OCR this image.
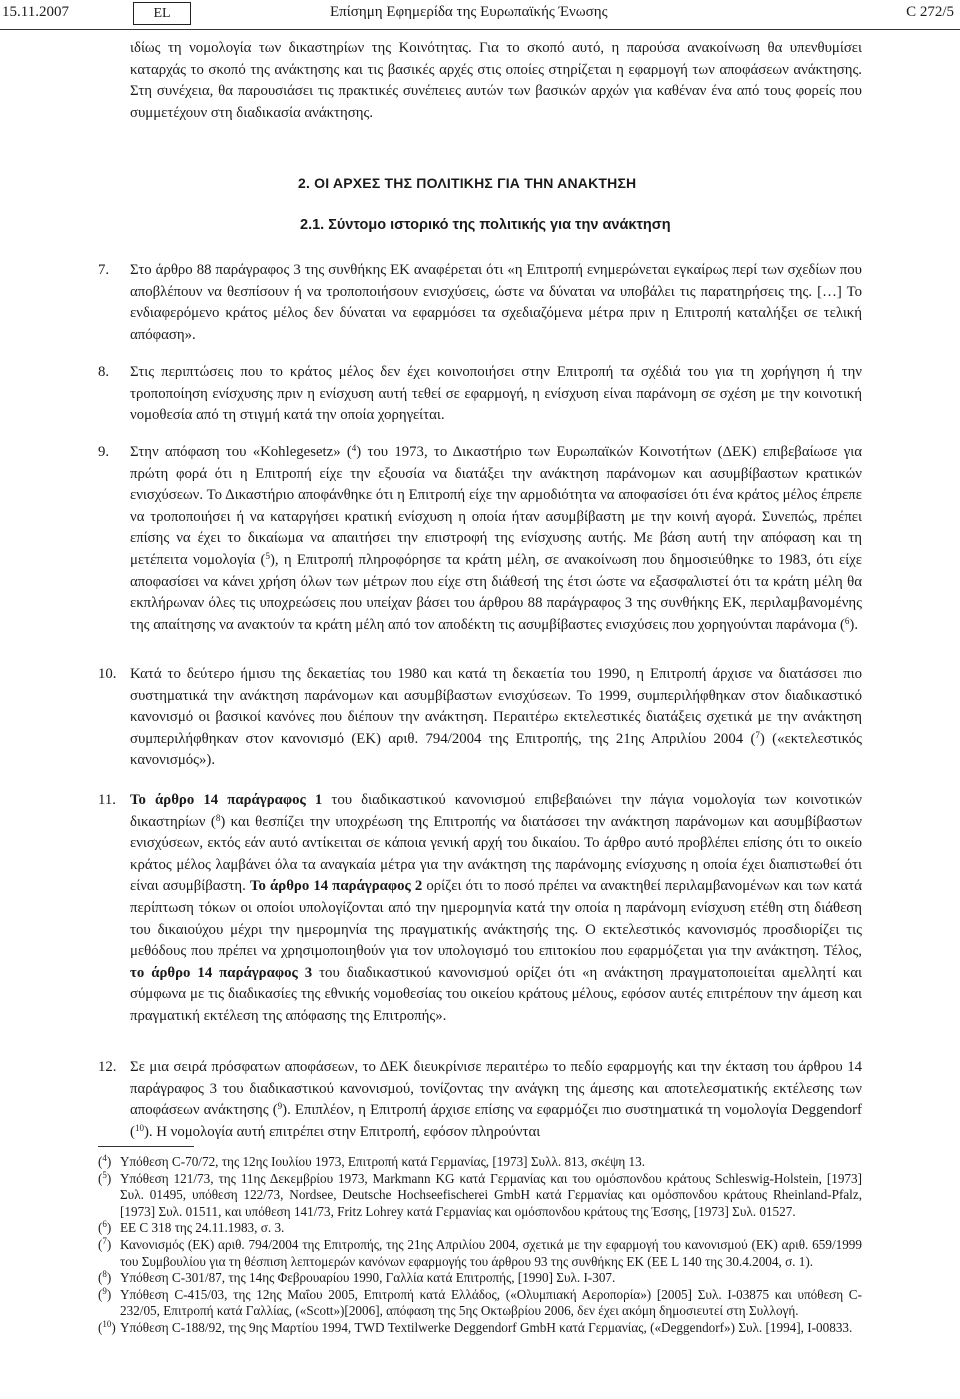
15.11.2007	EL	Επίσημη Εφημερίδα της Ευρωπαϊκής Ένωσης	C 272/5
ιδίως τη νομολογία των δικαστηρίων της Κοινότητας. Για το σκοπό αυτό, η παρούσα ανακοίνωση θα υπενθυμίσει καταρχάς το σκοπό της ανάκτησης και τις βασικές αρχές στις οποίες στηρίζεται η εφαρμογή των αποφάσεων ανάκτησης. Στη συνέχεια, θα παρουσιάσει τις πρακτικές συνέπειες αυτών των βασικών αρχών για καθέναν ένα από τους φορείς που συμμετέχουν στη διαδικασία ανάκτησης.
2. ΟΙ ΑΡΧΕΣ ΤΗΣ ΠΟΛΙΤΙΚΗΣ ΓΙΑ ΤΗΝ ΑΝΑΚΤΗΣΗ
2.1. Σύντομο ιστορικό της πολιτικής για την ανάκτηση
7.	Στο άρθρο 88 παράγραφος 3 της συνθήκης ΕΚ αναφέρεται ότι «η Επιτροπή ενημερώνεται εγκαίρως περί των σχεδίων που αποβλέπουν να θεσπίσουν ή να τροποποιήσουν ενισχύσεις, ώστε να δύναται να υποβάλει τις παρατηρήσεις της. […] Το ενδιαφερόμενο κράτος μέλος δεν δύναται να εφαρμόσει τα σχεδιαζόμενα μέτρα πριν η Επιτροπή καταλήξει σε τελική απόφαση».
8.	Στις περιπτώσεις που το κράτος μέλος δεν έχει κοινοποιήσει στην Επιτροπή τα σχέδιά του για τη χορήγηση ή την τροποποίηση ενίσχυσης πριν η ενίσχυση αυτή τεθεί σε εφαρμογή, η ενίσχυση είναι παράνομη σε σχέση με την κοινοτική νομοθεσία από τη στιγμή κατά την οποία χορηγείται.
9.	Στην απόφαση του «Kohlegesetz» ($^4$) του 1973, το Δικαστήριο των Ευρωπαϊκών Κοινοτήτων (ΔΕΚ) επιβεβαίωσε για πρώτη φορά ότι η Επιτροπή είχε την εξουσία να διατάξει την ανάκτηση παράνομων και ασυμβίβαστων κρατικών ενισχύσεων. Το Δικαστήριο αποφάνθηκε ότι η Επιτροπή είχε την αρμοδιότητα να αποφασίσει ότι ένα κράτος μέλος έπρεπε να τροποποιήσει ή να καταργήσει κρατική ενίσχυση η οποία ήταν ασυμβίβαστη με την κοινή αγορά. Συνεπώς, πρέπει επίσης να έχει το δικαίωμα να απαιτήσει την επιστροφή της ενίσχυσης αυτής. Με βάση αυτή την απόφαση και τη μετέπειτα νομολογία ($^5$), η Επιτροπή πληροφόρησε τα κράτη μέλη, σε ανακοίνωση που δημοσιεύθηκε το 1983, ότι είχε αποφασίσει να κάνει χρήση όλων των μέτρων που είχε στη διάθεσή της έτσι ώστε να εξασφαλιστεί ότι τα κράτη μέλη θα εκπλήρωναν όλες τις υποχρεώσεις που υπείχαν βάσει του άρθρου 88 παράγραφος 3 της συνθήκης ΕΚ, περιλαμβανομένης της απαίτησης να ανακτούν τα κράτη μέλη από τον αποδέκτη τις ασυμβίβαστες ενισχύσεις που χορηγούνται παράνομα ($^6$).
10. Κατά το δεύτερο ήμισυ της δεκαετίας του 1980 και κατά τη δεκαετία του 1990, η Επιτροπή άρχισε να διατάσσει πιο συστηματικά την ανάκτηση παράνομων και ασυμβίβαστων ενισχύσεων. Το 1999, συμπεριλήφθηκαν στον διαδικαστικό κανονισμό οι βασικοί κανόνες που διέπουν την ανάκτηση. Περαιτέρω εκτελεστικές διατάξεις σχετικά με την ανάκτηση συμπεριλήφθηκαν στον κανονισμό (ΕΚ) αριθ. 794/2004 της Επιτροπής, της 21ης Απριλίου 2004 ($^7$) («εκτελεστικός κανονισμός»).
11. Το άρθρο 14 παράγραφος 1 του διαδικαστικού κανονισμού επιβεβαιώνει την πάγια νομολογία των κοινοτικών δικαστηρίων ($^8$) και θεσπίζει την υποχρέωση της Επιτροπής να διατάσσει την ανάκτηση παράνομων και ασυμβίβαστων ενισχύσεων, εκτός εάν αυτό αντίκειται σε κάποια γενική αρχή του δικαίου. Το άρθρο αυτό προβλέπει επίσης ότι το οικείο κράτος μέλος λαμβάνει όλα τα αναγκαία μέτρα για την ανάκτηση της παράνομης ενίσχυσης η οποία έχει διαπιστωθεί ότι είναι ασυμβίβαστη. Το άρθρο 14 παράγραφος 2 ορίζει ότι το ποσό πρέπει να ανακτηθεί περιλαμβανομένων και των κατά περίπτωση τόκων οι οποίοι υπολογίζονται από την ημερομηνία κατά την οποία η παράνομη ενίσχυση ετέθη στη διάθεση του δικαιούχου μέχρι την ημερομηνία της πραγματικής ανάκτησής της. Ο εκτελεστικός κανονισμός προσδιορίζει τις μεθόδους που πρέπει να χρησιμοποιηθούν για τον υπολογισμό του επιτοκίου που εφαρμόζεται για την ανάκτηση. Τέλος, το άρθρο 14 παράγραφος 3 του διαδικαστικού κανονισμού ορίζει ότι «η ανάκτηση πραγματοποιείται αμελλητί και σύμφωνα με τις διαδικασίες της εθνικής νομοθεσίας του οικείου κράτους μέλους, εφόσον αυτές επιτρέπουν την άμεση και πραγματική εκτέλεση της απόφασης της Επιτροπής».
12. Σε μια σειρά πρόσφατων αποφάσεων, το ΔΕΚ διευκρίνισε περαιτέρω το πεδίο εφαρμογής και την έκταση του άρθρου 14 παράγραφος 3 του διαδικαστικού κανονισμού, τονίζοντας την ανάγκη της άμεσης και αποτελεσματικής εκτέλεσης των αποφάσεων ανάκτησης ($^9$). Επιπλέον, η Επιτροπή άρχισε επίσης να εφαρμόζει πιο συστηματικά τη νομολογία Deggendorf ($^{10}$). Η νομολογία αυτή επιτρέπει στην Επιτροπή, εφόσον πληρούνται
($^4$) Υπόθεση C-70/72, της 12ης Ιουλίου 1973, Επιτροπή κατά Γερμανίας, [1973] Συλλ. 813, σκέψη 13.
($^5$) Υπόθεση 121/73, της 11ης Δεκεμβρίου 1973, Markmann KG κατά Γερμανίας και του ομόσπονδου κράτους Schleswig-Holstein, [1973] Συλ. 01495, υπόθεση 122/73, Nordsee, Deutsche Hochseefischerei GmbH κατά Γερμανίας και ομόσπονδου κράτους Rheinland-Pfalz, [1973] Συλ. 01511, και υπόθεση 141/73, Fritz Lohrey κατά Γερμανίας και ομόσπονδου κράτους της Έσσης, [1973] Συλ. 01527.
($^6$) ΕΕ C 318 της 24.11.1983, σ. 3.
($^7$) Κανονισμός (ΕΚ) αριθ. 794/2004 της Επιτροπής, της 21ης Απριλίου 2004, σχετικά με την εφαρμογή του κανονισμού (ΕΚ) αριθ. 659/1999 του Συμβουλίου για τη θέσπιση λεπτομερών κανόνων εφαρμογής του άρθρου 93 της συνθήκης ΕΚ (ΕΕ L 140 της 30.4.2004, σ. 1).
($^8$) Υπόθεση C-301/87, της 14ης Φεβρουαρίου 1990, Γαλλία κατά Επιτροπής, [1990] Συλ. I-307.
($^9$) Υπόθεση C-415/03, της 12ης Μαΐου 2005, Επιτροπή κατά Ελλάδος, («Ολυμπιακή Αεροπορία») [2005] Συλ. I-03875 και υπόθεση C-232/05, Επιτροπή κατά Γαλλίας, («Scott»)[2006], απόφαση της 5ης Οκτωβρίου 2006, δεν έχει ακόμη δημοσιευτεί στη Συλλογή.
($^{10}$) Υπόθεση C-188/92, της 9ης Μαρτίου 1994, TWD Textilwerke Deggendorf GmbH κατά Γερμανίας, («Deggendorf») Συλ. [1994], I-00833.
